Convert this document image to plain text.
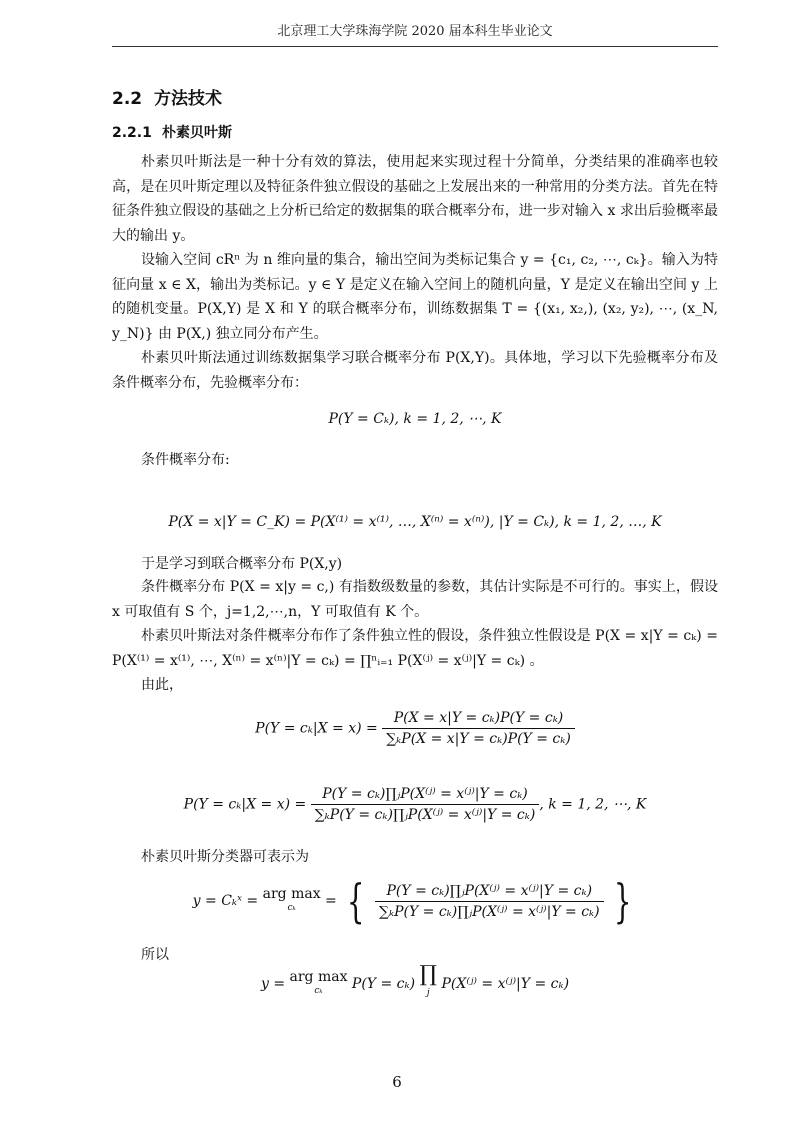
北京理工大学珠海学院 2020 届本科生毕业论文
2.2 方法技术
2.2.1 朴素贝叶斯
朴素贝叶斯法是一种十分有效的算法，使用起来实现过程十分简单，分类结果的准确率也较高，是在贝叶斯定理以及特征条件独立假设的基础之上发展出来的一种常用的分类方法。首先在特征条件独立假设的基础之上分析已给定的数据集的联合概率分布，进一步对输入 x 求出后验概率最大的输出 y。
设输入空间 cRⁿ 为 n 维向量的集合，输出空间为类标记集合 y = {c₁, c₂, ⋯, cₖ}。输入为特征向量 x ∈ X，输出为类标记。y ∈ Y 是定义在输入空间上的随机向量，Y 是定义在输出空间 y 上的随机变量。P(X,Y) 是 X 和 Y 的联合概率分布，训练数据集 T = {(x₁, x₂,), (x₂, y₂), ⋯, (x_N, y_N)} 由 P(X,) 独立同分布产生。
朴素贝叶斯法通过训练数据集学习联合概率分布 P(X,Y)。具体地，学习以下先验概率分布及条件概率分布，先验概率分布：
P(Y = Cₖ), k = 1, 2, ⋯, K
条件概率分布:
P(X = x|Y = C_K) = P(X⁽¹⁾ = x⁽¹⁾, …, X⁽ⁿ⁾ = x⁽ⁿ⁾), |Y = Cₖ), k = 1, 2, …, K
于是学习到联合概率分布 P(X,y)
条件概率分布 P(X = x|y = c,) 有指数级数量的参数，其估计实际是不可行的。事实上，假设 x 可取值有 S 个，j=1,2,⋯,n，Y 可取值有 K 个。
朴素贝叶斯法对条件概率分布作了条件独立性的假设，条件独立性假设是 P(X = x|Y = cₖ) = P(X⁽¹⁾ = x⁽¹⁾, ⋯, X⁽ⁿ⁾ = x⁽ⁿ⁾|Y = cₖ) = ∏ⁿᵢ₌₁ P(X⁽ʲ⁾ = x⁽ʲ⁾|Y = cₖ) 。
由此，
$P(Y = c_k|X = x) = \frac{\text{P(X = x|Y = cₖ)P(Y = cₖ)}}{\text{∑ₖP(X = x|Y = cₖ)P(Y = cₖ)}}$
$P(Y = c_k|X = x) = \frac{\text{P(Y = cₖ)∏ⱼP(X⁽ʲ⁾ = x⁽ʲ⁾|Y = cₖ)}}{\text{∑ₖP(Y = cₖ)∏ⱼP(X⁽ʲ⁾ = x⁽ʲ⁾|Y = cₖ)}}$ , k = 1, 2, ⋯, K
朴素贝叶斯分类器可表示为
y = Cₖˣ = arg max
cₖ	= { $\frac{\text{P(Y = cₖ)∏ⱼP(X⁽ʲ⁾ = x⁽ʲ⁾|Y = cₖ)}}{\text{∑ₖP(Y = cₖ)∏ⱼP(X⁽ʲ⁾ = x⁽ʲ⁾|Y = cₖ)}}$ }
所以
y = arg max
cₖ	P(Y = cₖ) ∏
j
P(X⁽ʲ⁾ = x⁽ʲ⁾|Y = cₖ)
6
